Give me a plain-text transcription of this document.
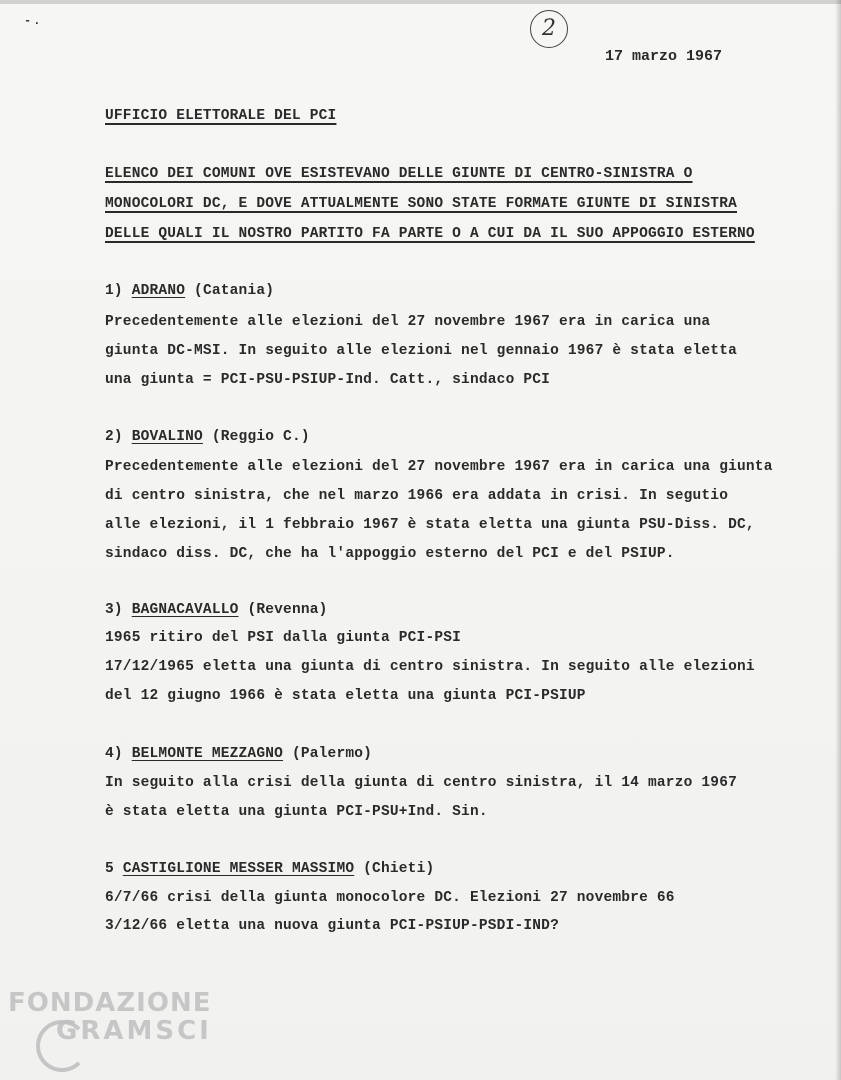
-.	2
17 marzo 1967
UFFICIO ELETTORALE DEL PCI
ELENCO DEI COMUNI OVE ESISTEVANO DELLE GIUNTE DI CENTRO-SINISTRA O
MONOCOLORI DC, E DOVE ATTUALMENTE SONO STATE FORMATE GIUNTE DI SINISTRA
DELLE QUALI IL NOSTRO PARTITO FA PARTE O A CUI DA IL SUO APPOGGIO ESTERNO
1) ADRANO (Catania)
Precedentemente alle elezioni del 27 novembre 1967 era in carica una
giunta DC-MSI. In seguito alle elezioni nel gennaio 1967 è stata eletta
una giunta = PCI-PSU-PSIUP-Ind. Catt., sindaco PCI
2) BOVALINO (Reggio C.)
Precedentemente alle elezioni del 27 novembre 1967 era in carica una giunta
di centro sinistra, che nel marzo 1966 era addata in crisi. In segutio
alle elezioni, il 1 febbraio 1967 è stata eletta una giunta PSU-Diss. DC,
sindaco diss. DC, che ha l'appoggio esterno del PCI e del PSIUP.
3) BAGNACAVALLO (Revenna)
1965 ritiro del PSI dalla giunta PCI-PSI
17/12/1965 eletta una giunta di centro sinistra. In seguito alle elezioni
del 12 giugno 1966 è stata eletta una giunta PCI-PSIUP
4) BELMONTE MEZZAGNO (Palermo)
In seguito alla crisi della giunta di centro sinistra, il 14 marzo 1967
è stata eletta una giunta PCI-PSU+Ind. Sin.
5 CASTIGLIONE MESSER MASSIMO (Chieti)
6/7/66 crisi della giunta monocolore DC. Elezioni 27 novembre 66
3/12/66 eletta una nuova giunta PCI-PSIUP-PSDI-IND?
FONDAZIONE
GRAMSCI
